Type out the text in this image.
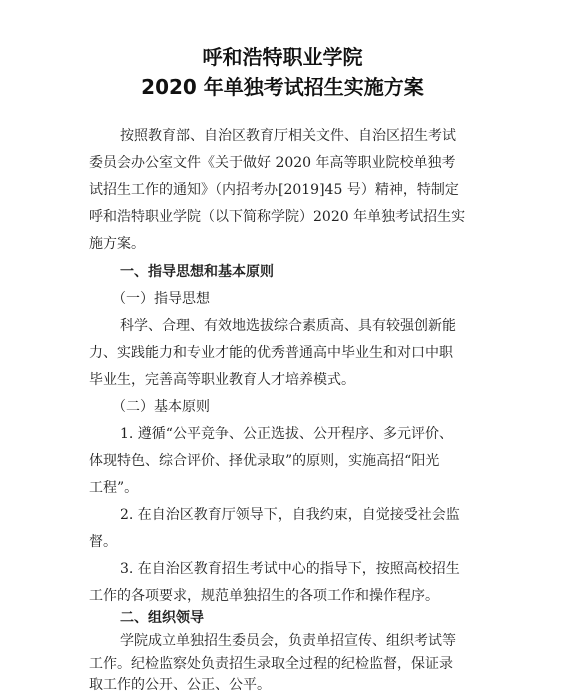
呼和浩特职业学院
2020 年单独考试招生实施方案
按照教育部、自治区教育厅相关文件、自治区招生考试
委员会办公室文件《关于做好 2020 年高等职业院校单独考
试招生工作的通知》（内招考办[2019]45 号）精神，特制定
呼和浩特职业学院（以下简称学院）2020 年单独考试招生实
施方案。
一、指导思想和基本原则
（一）指导思想
科学、合理、有效地选拔综合素质高、具有较强创新能
力、实践能力和专业才能的优秀普通高中毕业生和对口中职
毕业生，完善高等职业教育人才培养模式。
（二）基本原则
1. 遵循“公平竞争、公正选拔、公开程序、多元评价、
体现特色、综合评价、择优录取”的原则，实施高招“阳光
工程”。
2. 在自治区教育厅领导下，自我约束，自觉接受社会监
督。
3. 在自治区教育招生考试中心的指导下，按照高校招生
工作的各项要求，规范单独招生的各项工作和操作程序。
二、组织领导
学院成立单独招生委员会，负责单招宣传、组织考试等
工作。纪检监察处负责招生录取全过程的纪检监督，保证录
取工作的公开、公正、公平。
